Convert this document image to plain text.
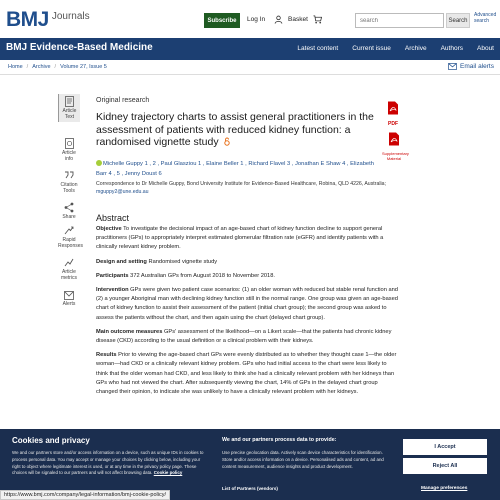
BMJ Journals	Subscribe	Log In	Basket
search	Search
Advanced search
BMJ Evidence-Based Medicine	Latest content Current issue Archive Authors About
Home / Archive / Volume 27, Issue 5	Email alerts
Article Text
Article info
Citation Tools
Share
Rapid Responses
Article metrics
Alerts
Original research
Kidney trajectory charts to assist general practitioners in the assessment of patients with reduced kidney function: a randomised vignette study
Michelle Guppy 1 , 2 , Paul Glasziou 1 , Elaine Beller 1 , Richard Flavel 3 , Jonathan E Shaw 4 , Elizabeth
Barr 4 , 5 , Jenny Doust 6
Correspondence to Dr Michelle Guppy, Bond University Institute for Evidence-Based Healthcare, Robina, QLD 4226, Australia; mguppy2@une.edu.au
Abstract

Objective To investigate the decisional impact of an age-based chart of kidney function decline to support general practitioners (GPs) to appropriately interpret estimated glomerular filtration rate (eGFR) and identify patients with a clinically relevant kidney problem.

Design and setting Randomised vignette study

Participants 372 Australian GPs from August 2018 to November 2018.

Intervention GPs were given two patient case scenarios: (1) an older woman with reduced but stable renal function and (2) a younger Aboriginal man with declining kidney function still in the normal range. One group was given an age-based chart of kidney function to assist their assessment of the patient (initial chart group); the second group was asked to assess the patients without the chart, and then again using the chart (delayed chart group).

Main outcome measures GPs' assessment of the likelihood—on a Likert scale—that the patients had chronic kidney disease (CKD) according to the usual definition or a clinical problem with their kidneys.

Results Prior to viewing the age-based chart GPs were evenly distributed as to whether they thought case 1—the older woman—had CKD or a clinically relevant kidney problem. GPs who had initial access to the chart were less likely to think that the older woman had CKD, and less likely to think she had a clinically relevant problem with her kidneys than GPs who had not viewed the chart. After subsequently viewing the chart, 14% of GPs in the delayed chart group changed their opinion, to indicate she was unlikely to have a clinically relevant problem with her kidneys.

PDF
Supplementary Material
Cookies and privacy
We and our partners store and/or access information on a device, such as unique IDs in cookies to process personal data. You may accept or manage your choices by clicking below, including your right to object where legitimate interest is used, or at any time in the privacy policy page. These choices will be signaled to our partners and will not affect browsing data. Cookie policy
We and our partners process data to provide:
Use precise geolocation data. Actively scan device characteristics for identification. Store and/or access information on a device. Personalised ads and content, ad and content measurement, audience insights and product development.
List of Partners (vendors)
I Accept
Reject All
Manage preferences
https://www.bmj.com/company/legal-information/bmj-cookie-policy/
